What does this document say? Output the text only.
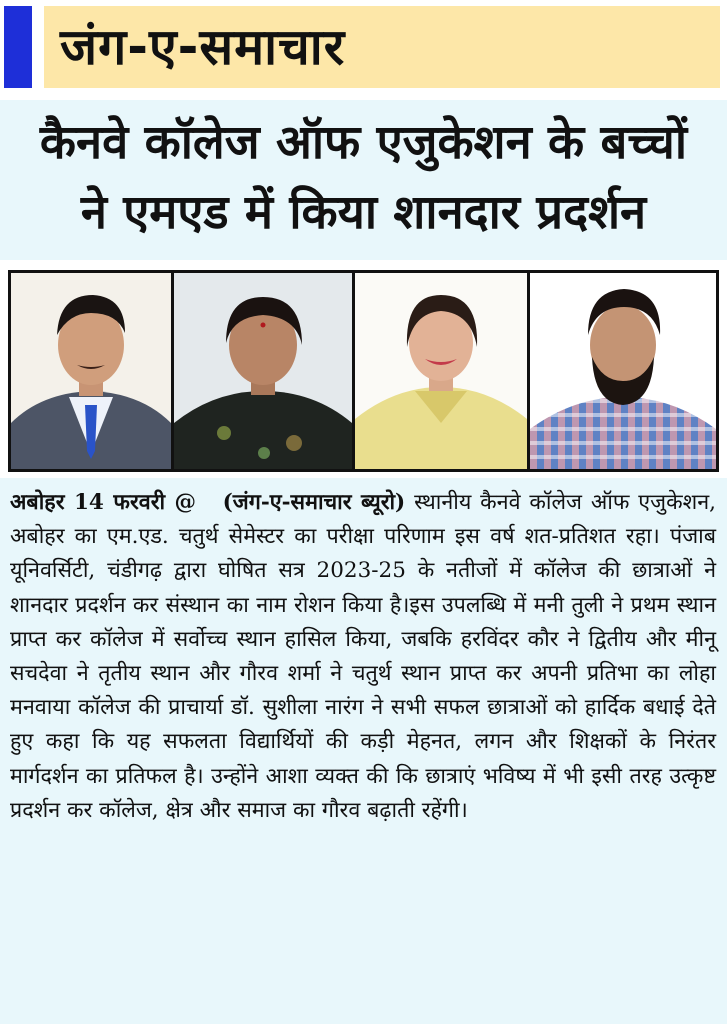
जंग-ए-समाचार
कैनवे कॉलेज ऑफ एजुकेशन के बच्चों
ने एमएड में किया शानदार प्रदर्शन

अबोहर 14 फरवरी @ (जंग-ए-समाचार ब्यूरो) स्थानीय कैनवे कॉलेज ऑफ एजुकेशन, अबोहर का एम.एड. चतुर्थ सेमेस्टर का परीक्षा परिणाम इस वर्ष शत-प्रतिशत रहा। पंजाब यूनिवर्सिटी, चंडीगढ़ द्वारा घोषित सत्र 2023-25 के नतीजों में कॉलेज की छात्राओं ने शानदार प्रदर्शन कर संस्थान का नाम रोशन किया है।इस उपलब्धि में मनी तुली ने प्रथम स्थान प्राप्त कर कॉलेज में सर्वोच्च स्थान हासिल किया, जबकि हरविंदर कौर ने द्वितीय और मीनू सचदेवा ने तृतीय स्थान और गौरव शर्मा ने चतुर्थ स्थान प्राप्त कर अपनी प्रतिभा का लोहा मनवाया कॉलेज की प्राचार्या डॉ. सुशीला नारंग ने सभी सफल छात्राओं को हार्दिक बधाई देते हुए कहा कि यह सफलता विद्यार्थियों की कड़ी मेहनत, लगन और शिक्षकों के निरंतर मार्गदर्शन का प्रतिफल है। उन्होंने आशा व्यक्त की कि छात्राएं भविष्य में भी इसी तरह उत्कृष्ट प्रदर्शन कर कॉलेज, क्षेत्र और समाज का गौरव बढ़ाती रहेंगी।
